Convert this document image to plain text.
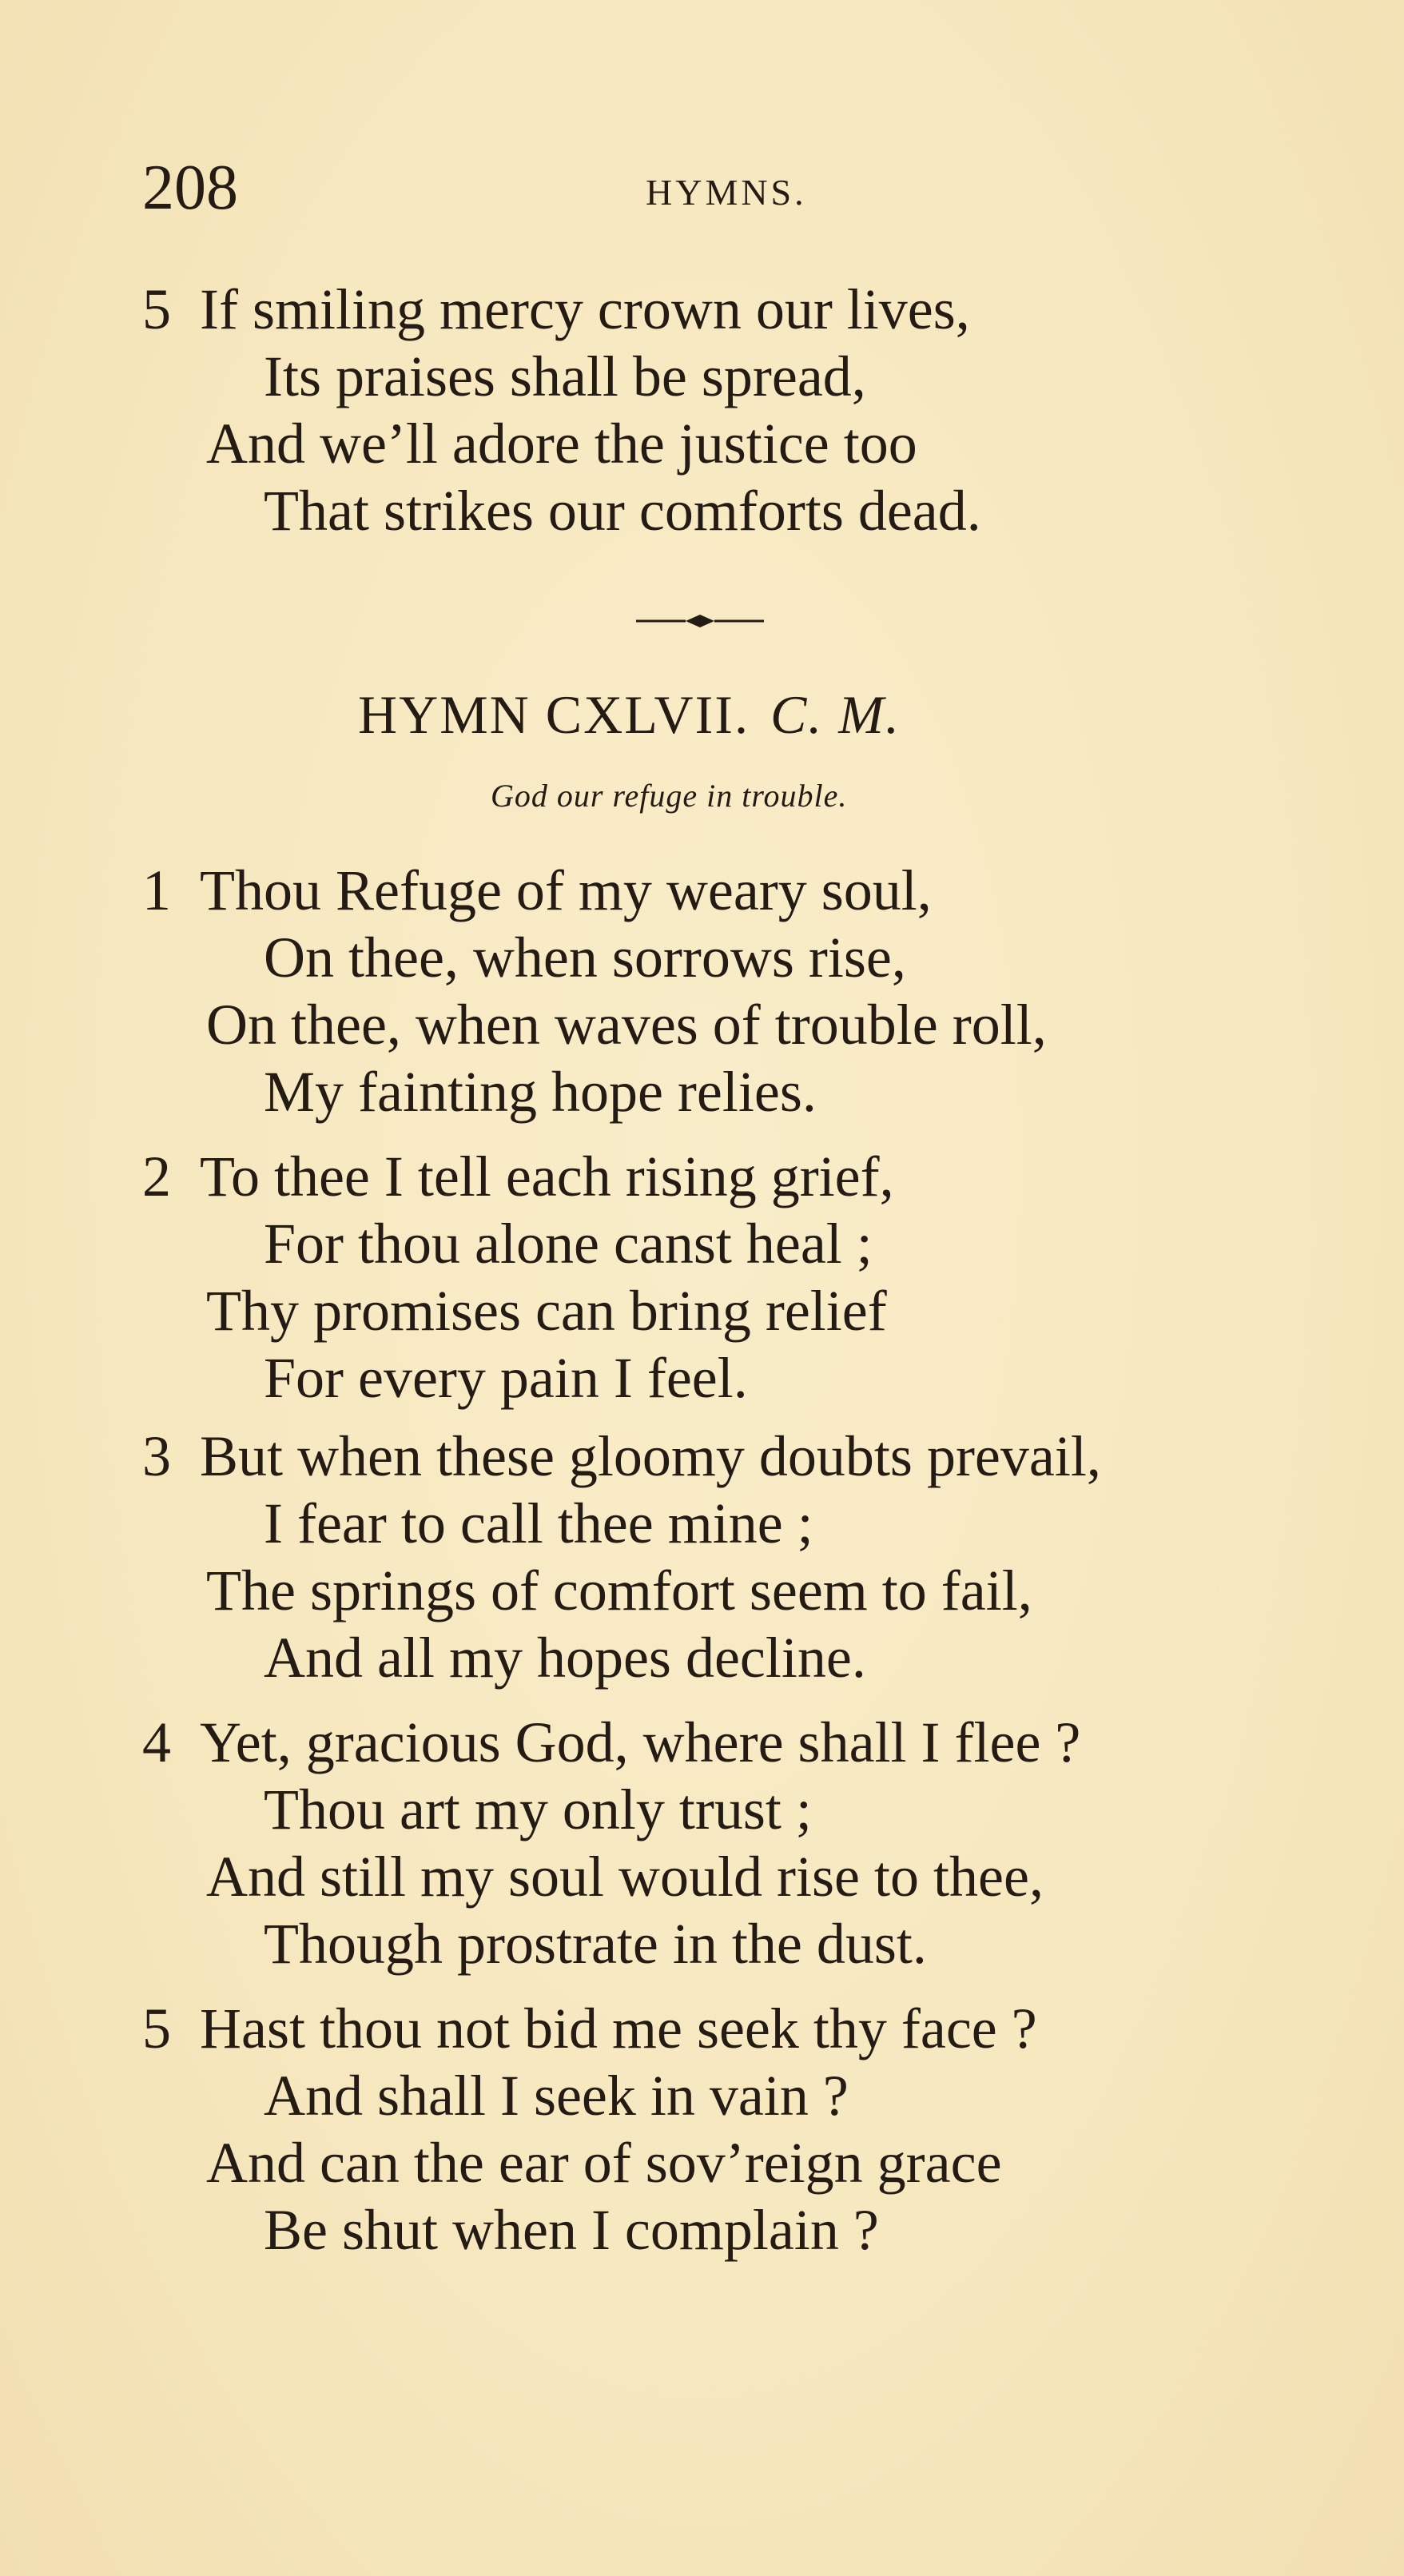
208	HYMNS.
5 If smiling mercy crown our lives,
Its praises shall be spread,
And we’ll adore the justice too
That strikes our comforts dead.
HYMN CXLVII. C. M.
God our refuge in trouble.
1 Thou Refuge of my weary soul,
On thee, when sorrows rise,
On thee, when waves of trouble roll,
My fainting hope relies.
2 To thee I tell each rising grief,
For thou alone canst heal ;
Thy promises can bring relief
For every pain I feel.
3 But when these gloomy doubts prevail,
I fear to call thee mine ;
The springs of comfort seem to fail,
And all my hopes decline.
4 Yet, gracious God, where shall I flee ?
Thou art my only trust ;
And still my soul would rise to thee,
Though prostrate in the dust.
5 Hast thou not bid me seek thy face ?
And shall I seek in vain ?
And can the ear of sov’reign grace
Be shut when I complain ?
